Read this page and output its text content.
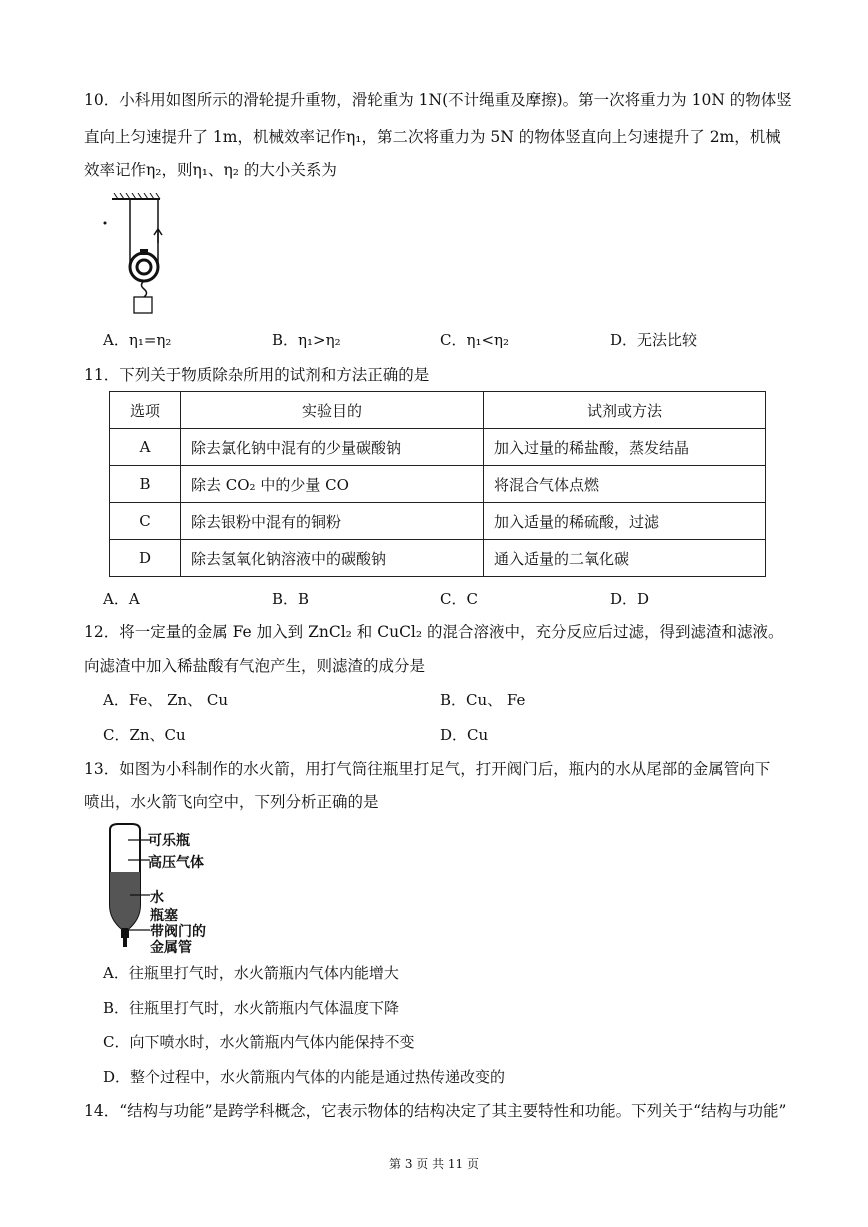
10．小科用如图所示的滑轮提升重物，滑轮重为 1N(不计绳重及摩擦)。第一次将重力为 10N 的物体竖
直向上匀速提升了 1m，机械效率记作η₁，第二次将重力为 5N 的物体竖直向上匀速提升了 2m，机械
效率记作η₂，则η₁、η₂ 的大小关系为
A．η₁=η₂	B．η₁>η₂	C．η₁<η₂	D．无法比较
11．下列关于物质除杂所用的试剂和方法正确的是
选项	实验目的	试剂或方法
A	除去氯化钠中混有的少量碳酸钠	加入过量的稀盐酸，蒸发结晶
B	除去 CO₂ 中的少量 CO	将混合气体点燃
C	除去银粉中混有的铜粉	加入适量的稀硫酸，过滤
D	除去氢氧化钠溶液中的碳酸钠	通入适量的二氧化碳
A．A	B．B	C．C	D．D
12．将一定量的金属 Fe 加入到 ZnCl₂ 和 CuCl₂ 的混合溶液中，充分反应后过滤，得到滤渣和滤液。
向滤渣中加入稀盐酸有气泡产生，则滤渣的成分是
A．Fe、 Zn、 Cu	B．Cu、 Fe
C．Zn、Cu	D．Cu
13．如图为小科制作的水火箭，用打气筒往瓶里打足气，打开阀门后，瓶内的水从尾部的金属管向下
喷出，水火箭飞向空中，下列分析正确的是
可乐瓶
高压气体
水
瓶塞
带阀门的
金属管
A．往瓶里打气时，水火箭瓶内气体内能增大
B．往瓶里打气时，水火箭瓶内气体温度下降
C．向下喷水时，水火箭瓶内气体内能保持不变
D．整个过程中，水火箭瓶内气体的内能是通过热传递改变的
14．“结构与功能”是跨学科概念，它表示物体的结构决定了其主要特性和功能。下列关于“结构与功能”
第 3 页 共 11 页
